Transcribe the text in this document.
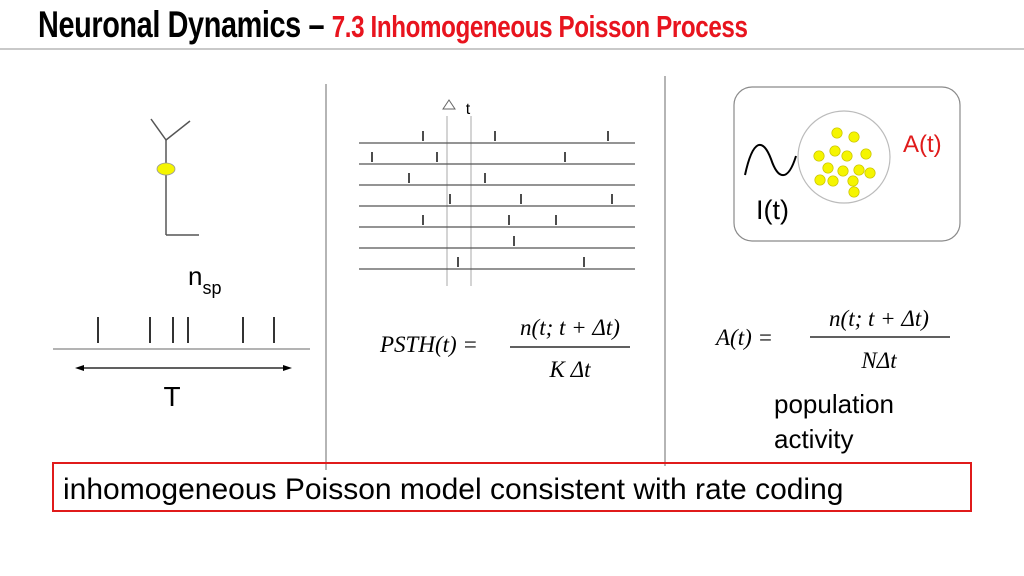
Neuronal Dynamics – 7.3 Inhomogeneous Poisson Process
$n_{sp}$
T
t
PSTH(t) =
n(t; t + Δt)
K Δt
I(t)
A(t)
A(t) =
n(t; t + Δt)
NΔt
population
activity
inhomogeneous Poisson model consistent with rate coding
